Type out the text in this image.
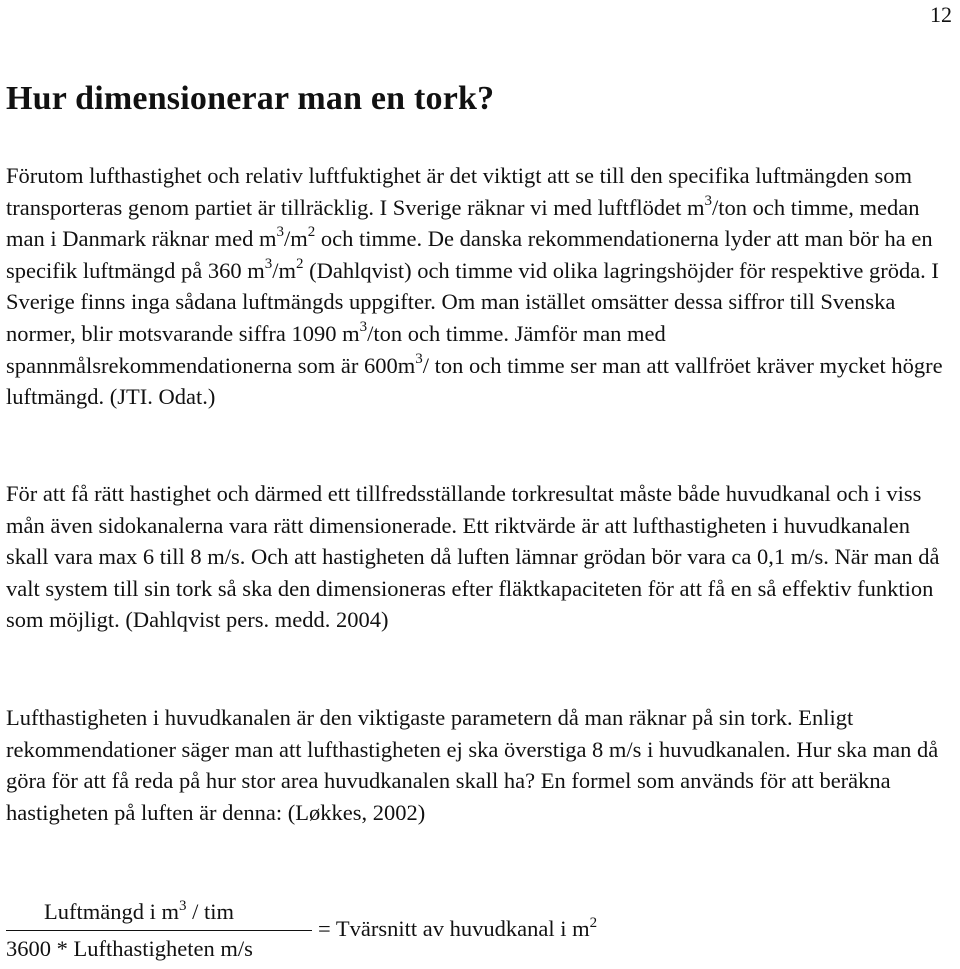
12
Hur dimensionerar man en tork?

Förutom lufthastighet och relativ luftfuktighet är det viktigt att se till den specifika luftmängden som transporteras genom partiet är tillräcklig. I Sverige räknar vi med luftflödet $m^3$/ton och timme, medan man i Danmark räknar med $m^3/m^2$ och timme. De danska rekommendationerna lyder att man bör ha en specifik luftmängd på 360 $m^3/m^2$ (Dahlqvist) och timme vid olika lagringshöjder för respektive gröda. I Sverige finns inga sådana luftmängds uppgifter. Om man istället omsätter dessa siffror till Svenska normer, blir motsvarande siffra 1090 $m^3$/ton och timme. Jämför man med spannmålsrekommendationerna som är $600m^3/$ ton och timme ser man att vallfröet kräver mycket högre luftmängd. (JTI. Odat.)

För att få rätt hastighet och därmed ett tillfredsställande torkresultat måste både huvudkanal och i viss mån även sidokanalerna vara rätt dimensionerade. Ett riktvärde är att lufthastigheten i huvudkanalen skall vara max 6 till 8 m/s. Och att hastigheten då luften lämnar grödan bör vara ca 0,1 m/s. När man då valt system till sin tork så ska den dimensioneras efter fläktkapaciteten för att få en så effektiv funktion som möjligt. (Dahlqvist pers. medd. 2004)

Lufthastigheten i huvudkanalen är den viktigaste parametern då man räknar på sin tork. Enligt rekommendationer säger man att lufthastigheten ej ska överstiga 8 m/s i huvudkanalen. Hur ska man då göra för att få reda på hur stor area huvudkanalen skall ha? En formel som används för att beräkna hastigheten på luften är denna: (Løkkes, 2002)

Luftmängd i $m^3$ / tim
3600 * Lufthastigheten m/s
= Tvärsnitt av huvudkanal i $m^2$
